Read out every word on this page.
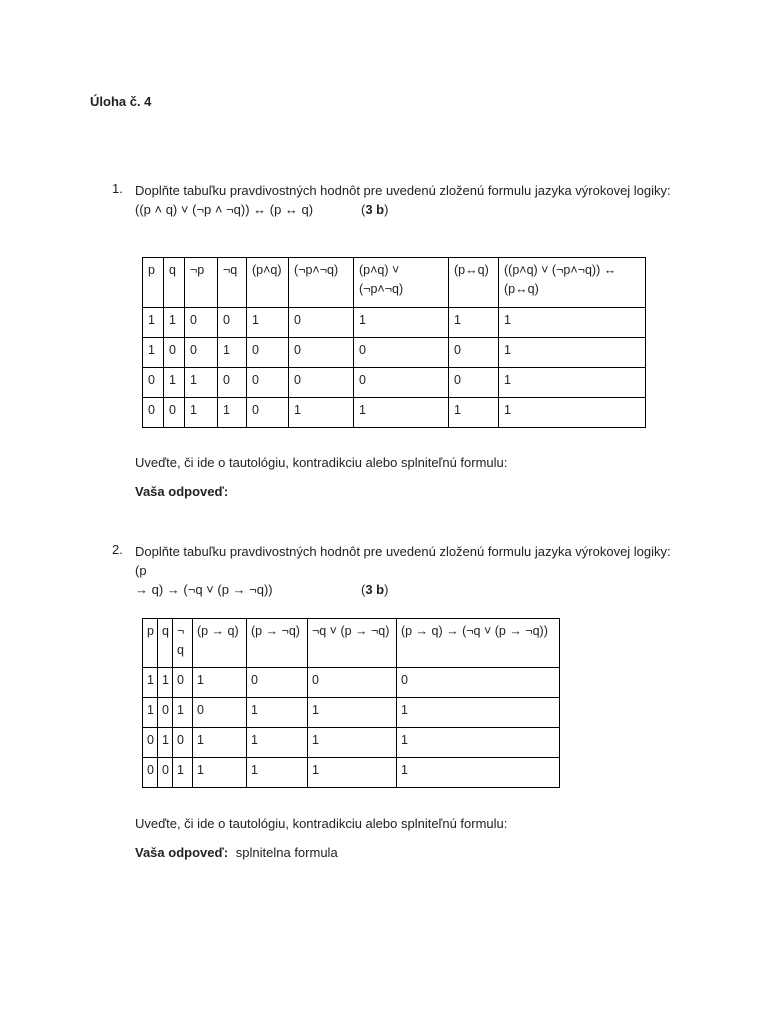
Úloha č. 4
1. Doplňte tabuľku pravdivostných hodnôt pre uvedenú zloženú formulu jazyka výrokovej logiky:
((p ˄ q) ˅ (¬p ˄ ¬q)) ↔ (p ↔ q)	(3 b)
p	q	¬p	¬q	(p˄q)	(¬p˄¬q)	(p˄q) ˅ (¬p˄¬q)	(p↔q)	((p˄q) ˅ (¬p˄¬q)) ↔ (p↔q)
1	1	0	0	1	0	1	1	1
1	0	0	1	0	0	0	0	1
0	1	1	0	0	0	0	0	1
0	0	1	1	0	1	1	1	1
Uveďte, či ide o tautológiu, kontradikciu alebo splniteľnú formulu:
Vaša odpoveď:
2. Doplňte tabuľku pravdivostných hodnôt pre uvedenú zloženú formulu jazyka výrokovej logiky: (p
→ q) → (¬q ˅ (p → ¬q))	(3 b)
p	q	¬ q	(p → q)	(p → ¬q)	¬q ˅ (p → ¬q)	(p → q) → (¬q ˅ (p → ¬q))
1	1	0	1	0	0	0
1	0	1	0	1	1	1
0	1	0	1	1	1	1
0	0	1	1	1	1	1
Uveďte, či ide o tautológiu, kontradikciu alebo splniteľnú formulu:
Vaša odpoveď: splnitelna formula
